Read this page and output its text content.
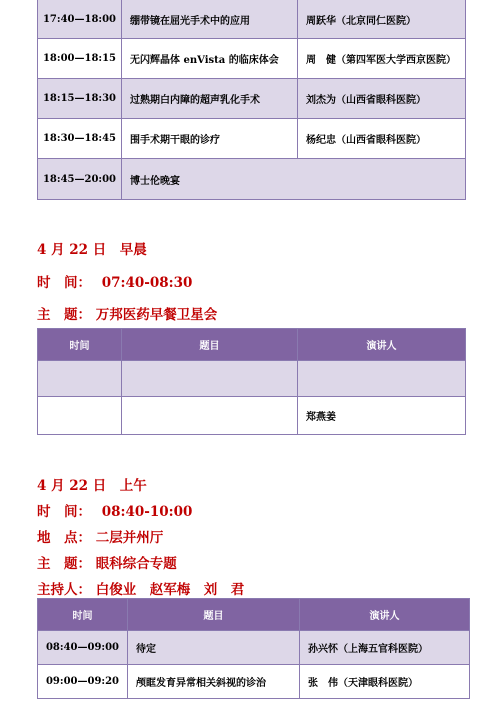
17:40—18:00	绷带镜在屈光手术中的应用	周跃华（北京同仁医院）
18:00—18:15	无闪辉晶体 enVista 的临床体会	周　健（第四军医大学西京医院）
18:15—18:30	过熟期白内障的超声乳化手术	刘杰为（山西省眼科医院）
18:30—18:45	围手术期干眼的诊疗	杨纪忠（山西省眼科医院）
18:45—20:00	博士伦晚宴	
4 月 22 日　早晨
时　间： 07:40-08:30
主　题： 万邦医药早餐卫星会
时间	题目	演讲人

		郑燕姜
4 月 22 日　上午
时　间： 08:40-10:00
地　点： 二层并州厅
主　题： 眼科综合专题
主持人： 白俊业　赵军梅　刘　君
时间	题目	演讲人
08:40—09:00	待定	孙兴怀（上海五官科医院）
09:00—09:20	颅眶发育异常相关斜视的诊治	张　伟（天津眼科医院）
